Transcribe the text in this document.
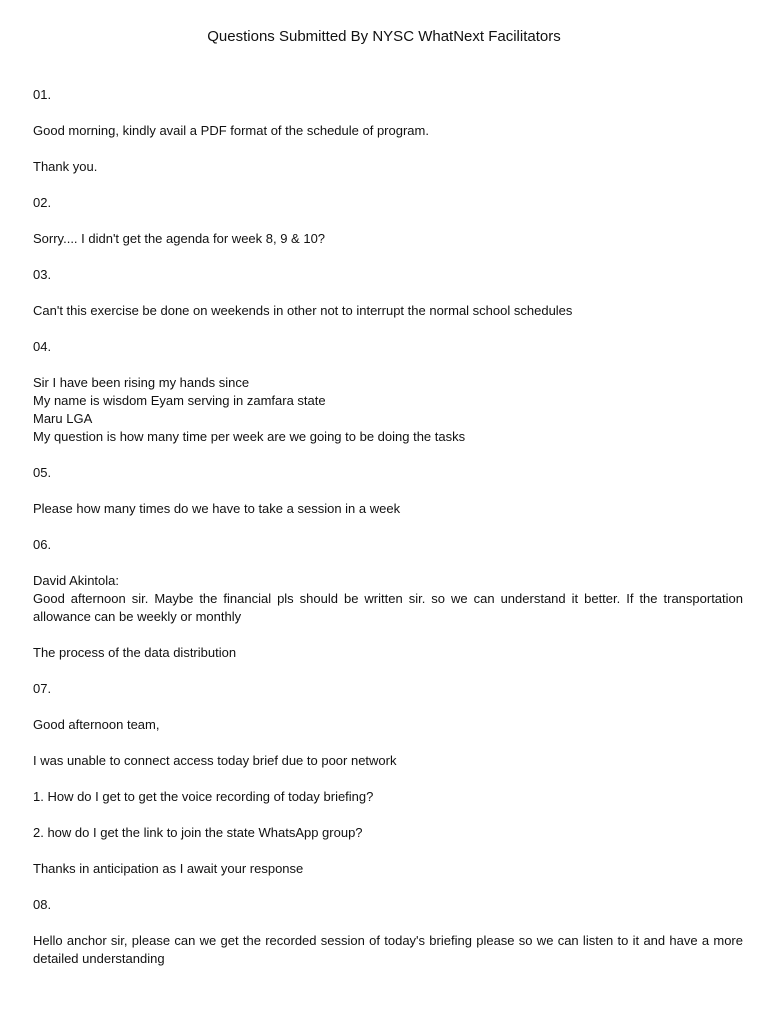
Questions Submitted By NYSC WhatNext Facilitators
01.
Good morning, kindly avail a PDF format of the schedule of program.
Thank you.
02.
Sorry.... I didn't get the agenda for week 8, 9 & 10?
03.
Can't this exercise be done on weekends in other not to interrupt the normal school schedules
04.
Sir I have been rising my hands since
My name is wisdom Eyam serving in zamfara state
Maru LGA
My question is how many time per week are we going to be doing the tasks
05.
Please how many times do we have to take a session in a week
06.
David Akintola:
Good afternoon sir. Maybe the financial pls should be written sir. so we can understand it better. If the transportation allowance can be weekly or monthly
The process of the data distribution
07.
Good afternoon team,
I was unable to connect access today brief due to poor network
1. How do I get to get the voice recording of today briefing?
2. how do I get the link to join the state WhatsApp group?
Thanks in anticipation as I await your response
08.
Hello anchor sir, please can we get the recorded session of today's briefing please so we can listen to it and have a more detailed understanding
